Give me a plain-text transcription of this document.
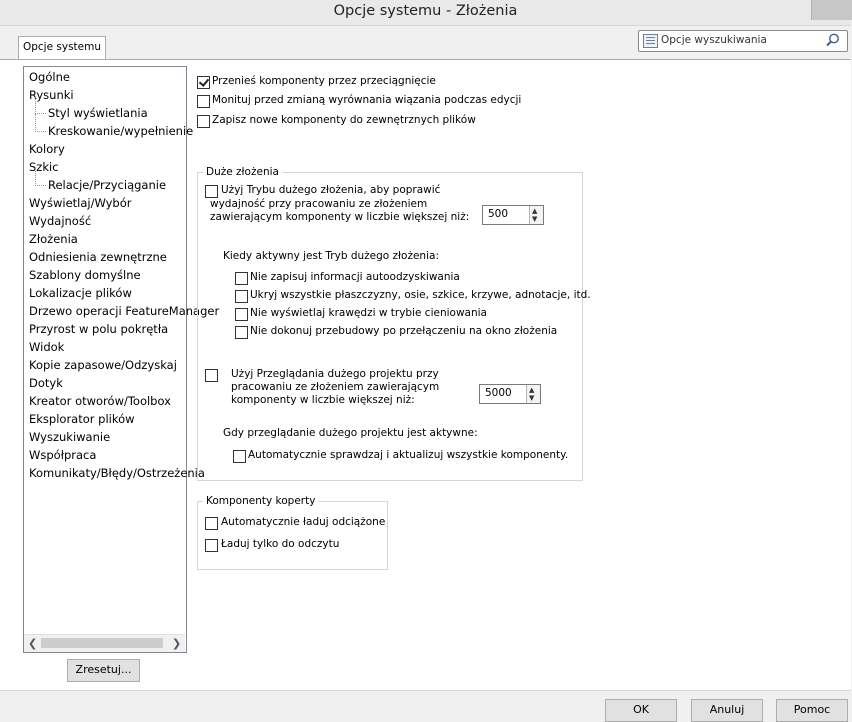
Opcje systemu - Złożenia
Opcje systemu
Opcje wyszukiwania
Ogólne
Rysunki
Styl wyświetlania
Kreskowanie/wypełnienie
Kolory
Szkic
Relacje/Przyciąganie
Wyświetlaj/Wybór
Wydajność
Złożenia
Odniesienia zewnętrzne
Szablony domyślne
Lokalizacje plików
Drzewo operacji FeatureManager
Przyrost w polu pokrętła
Widok
Kopie zapasowe/Odzyskaj
Dotyk
Kreator otworów/Toolbox
Eksplorator plików
Wyszukiwanie
Współpraca
Komunikaty/Błędy/Ostrzeżenia
❮	❯
Zresetuj...
Przenieś komponenty przez przeciągnięcie
Monituj przed zmianą wyrównania wiązania podczas edycji
Zapisz nowe komponenty do zewnętrznych plików
Duże złożenia
Użyj Trybu dużego złożenia, aby poprawić
wydajność przy pracowaniu ze złożeniem
zawierającym komponenty w liczbie większej niż: 500	▲
▼
Kiedy aktywny jest Tryb dużego złożenia:
Nie zapisuj informacji autoodzyskiwania
Ukryj wszystkie płaszczyzny, osie, szkice, krzywe, adnotacje, itd.
Nie wyświetlaj krawędzi w trybie cieniowania
Nie dokonuj przebudowy po przełączeniu na okno złożenia
Użyj Przeglądania dużego projektu przy
pracowaniu ze złożeniem zawierającym
komponenty w liczbie większej niż:
5000 ▲
▼
Gdy przeglądanie dużego projektu jest aktywne:
Automatycznie sprawdzaj i aktualizuj wszystkie komponenty.
Komponenty koperty
Automatycznie ładuj odciążone
Ładuj tylko do odczytu
OK	Anuluj	Pomoc
